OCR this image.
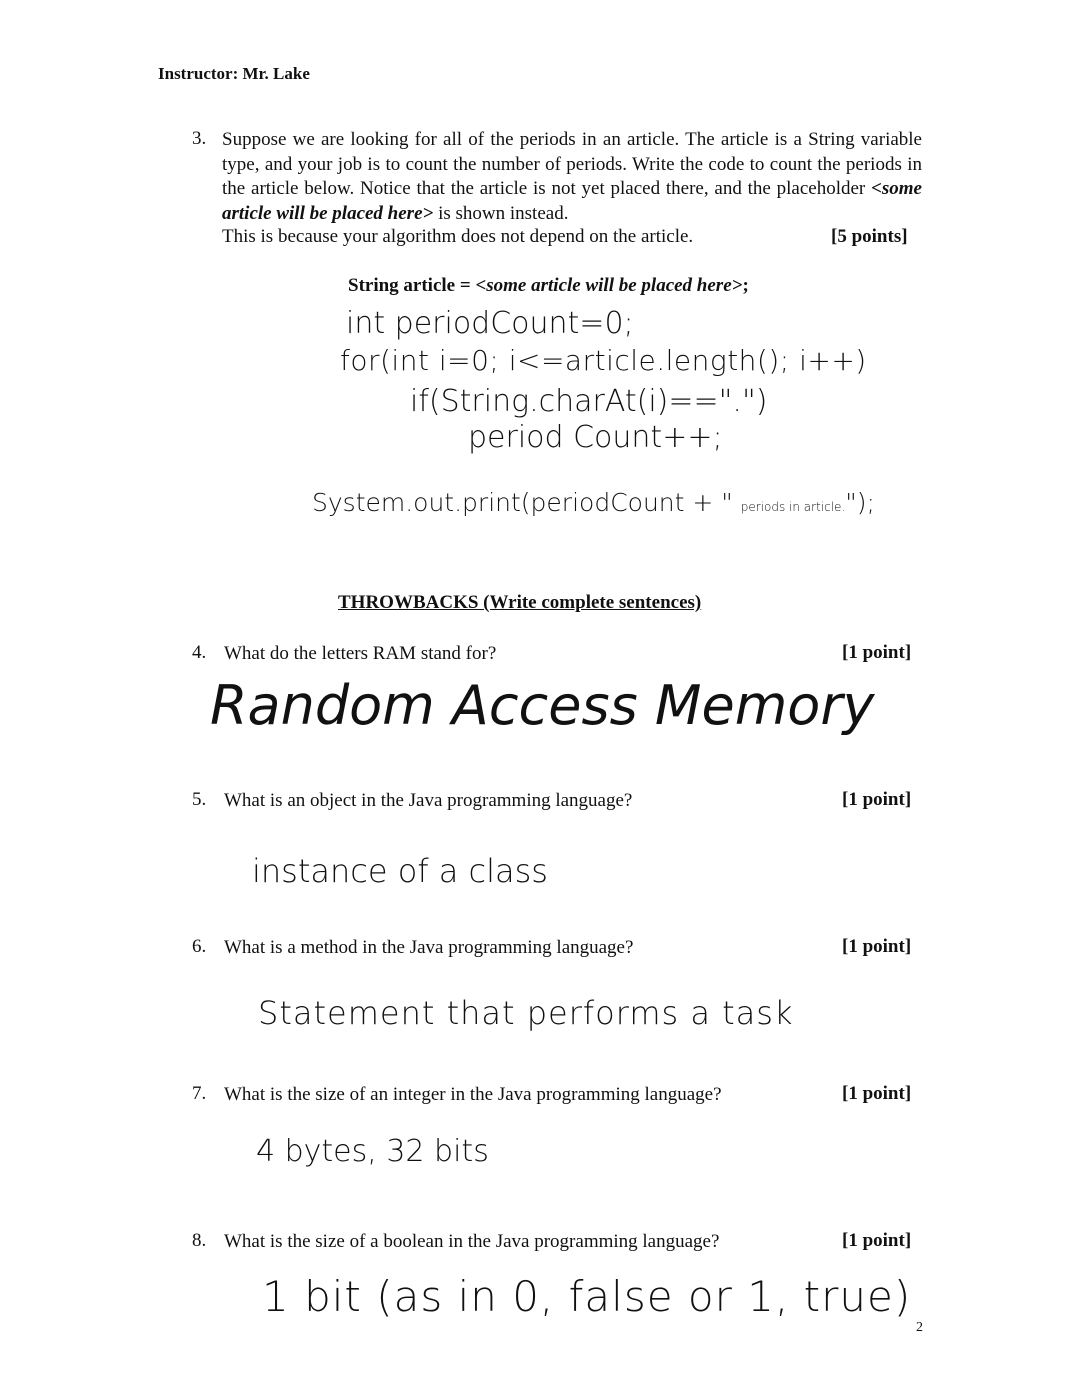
Instructor: Mr. Lake
3. Suppose we are looking for all of the periods in an article. The article is a String variable type, and your job is to count the number of periods. Write the code to count the periods in the article below. Notice that the article is not yet placed there, and the placeholder <some article will be placed here> is shown instead.
This is because your algorithm does not depend on the article.	[5 points]
String article = <some article will be placed here>;
int periodCount=0;
for(int i=0; i<=article.length(); i++)
if(String.charAt(i)==".")
period Count++;
System.out.print(periodCount + " periods in article.");
THROWBACKS (Write complete sentences)
4. What do the letters RAM stand for?	[1 point]
Random Access Memory
5. What is an object in the Java programming language?	[1 point]
instance of a class
6. What is a method in the Java programming language?	[1 point]
Statement that performs a task
7. What is the size of an integer in the Java programming language?	[1 point]
4 bytes, 32 bits
8. What is the size of a boolean in the Java programming language?	[1 point]
1 bit (as in 0, false or 1, true)
2
